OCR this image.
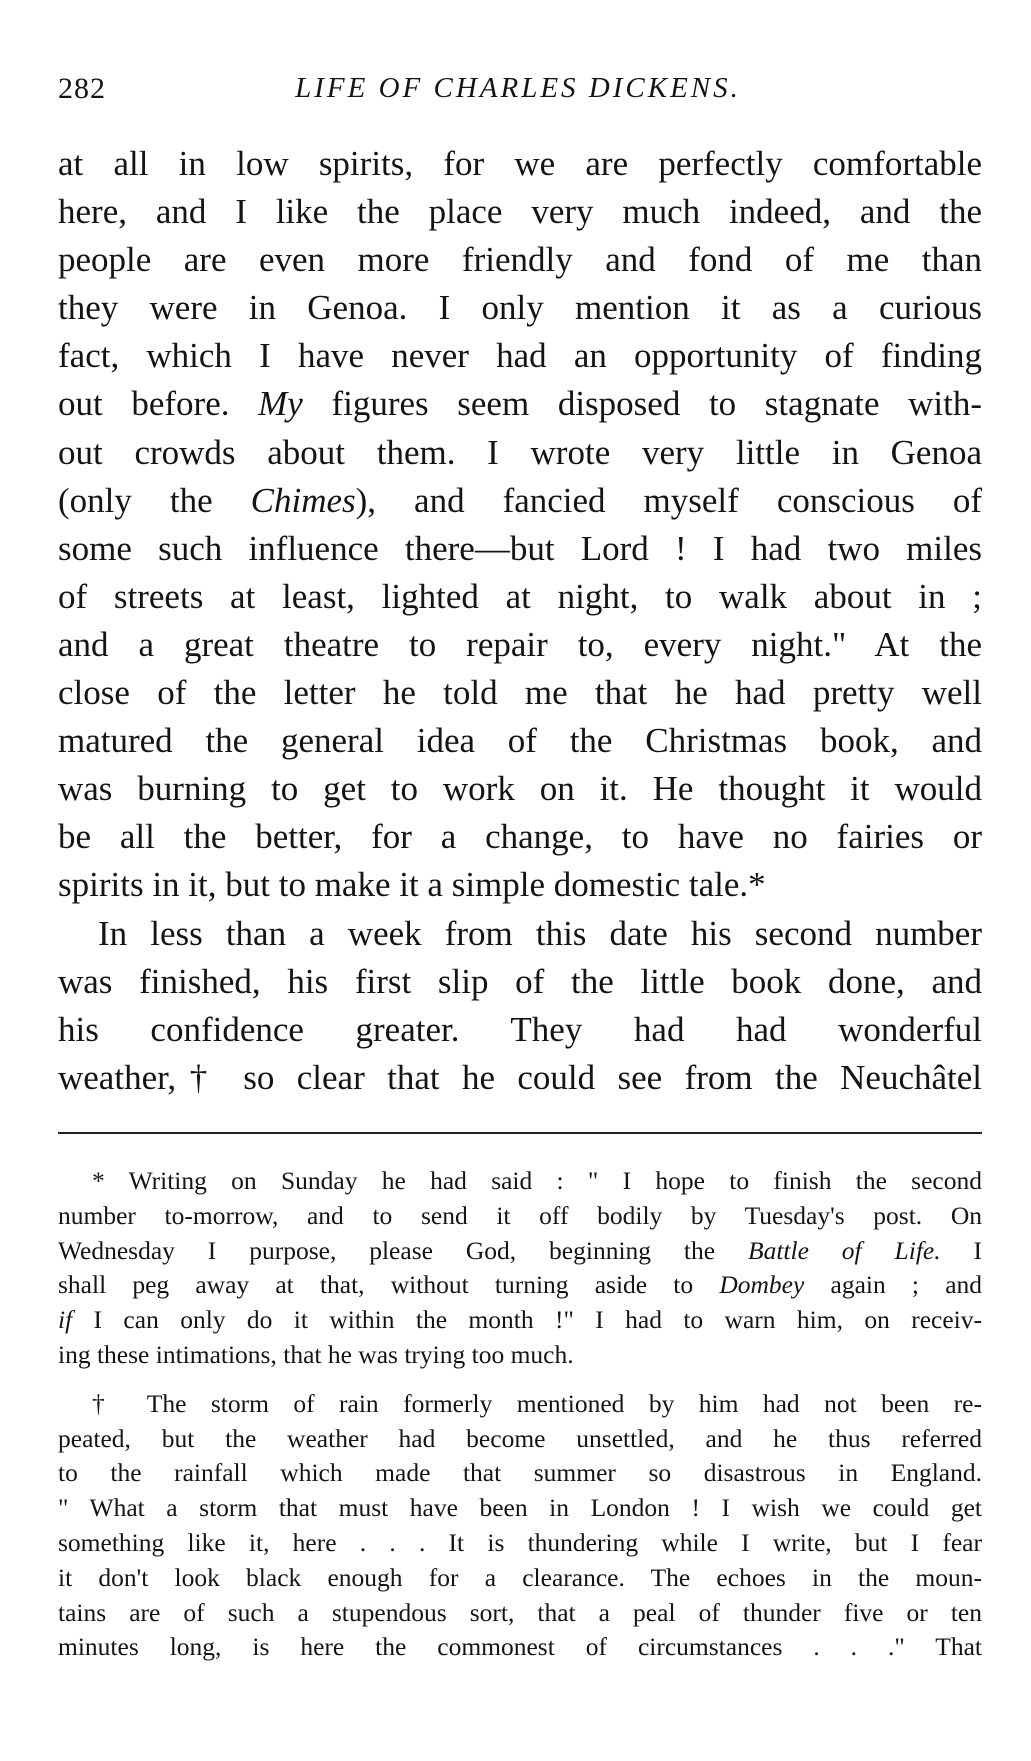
282	LIFE OF CHARLES DICKENS.
at all in low spirits, for we are perfectly comfortable
here, and I like the place very much indeed, and the
people are even more friendly and fond of me than
they were in Genoa. I only mention it as a curious
fact, which I have never had an opportunity of finding
out before. My figures seem disposed to stagnate with-
out crowds about them. I wrote very little in Genoa
(only the Chimes), and fancied myself conscious of
some such influence there—but Lord ! I had two miles
of streets at least, lighted at night, to walk about in ;
and a great theatre to repair to, every night." At the
close of the letter he told me that he had pretty well
matured the general idea of the Christmas book, and
was burning to get to work on it. He thought it would
be all the better, for a change, to have no fairies or
spirits in it, but to make it a simple domestic tale.*
In less than a week from this date his second number
was finished, his first slip of the little book done, and
his confidence greater. They had had wonderful
weather,† so clear that he could see from the Neuchâtel
* Writing on Sunday he had said : " I hope to finish the second
number to-morrow, and to send it off bodily by Tuesday's post. On
Wednesday I purpose, please God, beginning the Battle of Life. I
shall peg away at that, without turning aside to Dombey again ; and
if I can only do it within the month !" I had to warn him, on receiv-
ing these intimations, that he was trying too much.
† The storm of rain formerly mentioned by him had not been re-
peated, but the weather had become unsettled, and he thus referred
to the rainfall which made that summer so disastrous in England.
" What a storm that must have been in London ! I wish we could get
something like it, here . . . It is thundering while I write, but I fear
it don't look black enough for a clearance. The echoes in the moun-
tains are of such a stupendous sort, that a peal of thunder five or ten
minutes long, is here the commonest of circumstances . . ." That
